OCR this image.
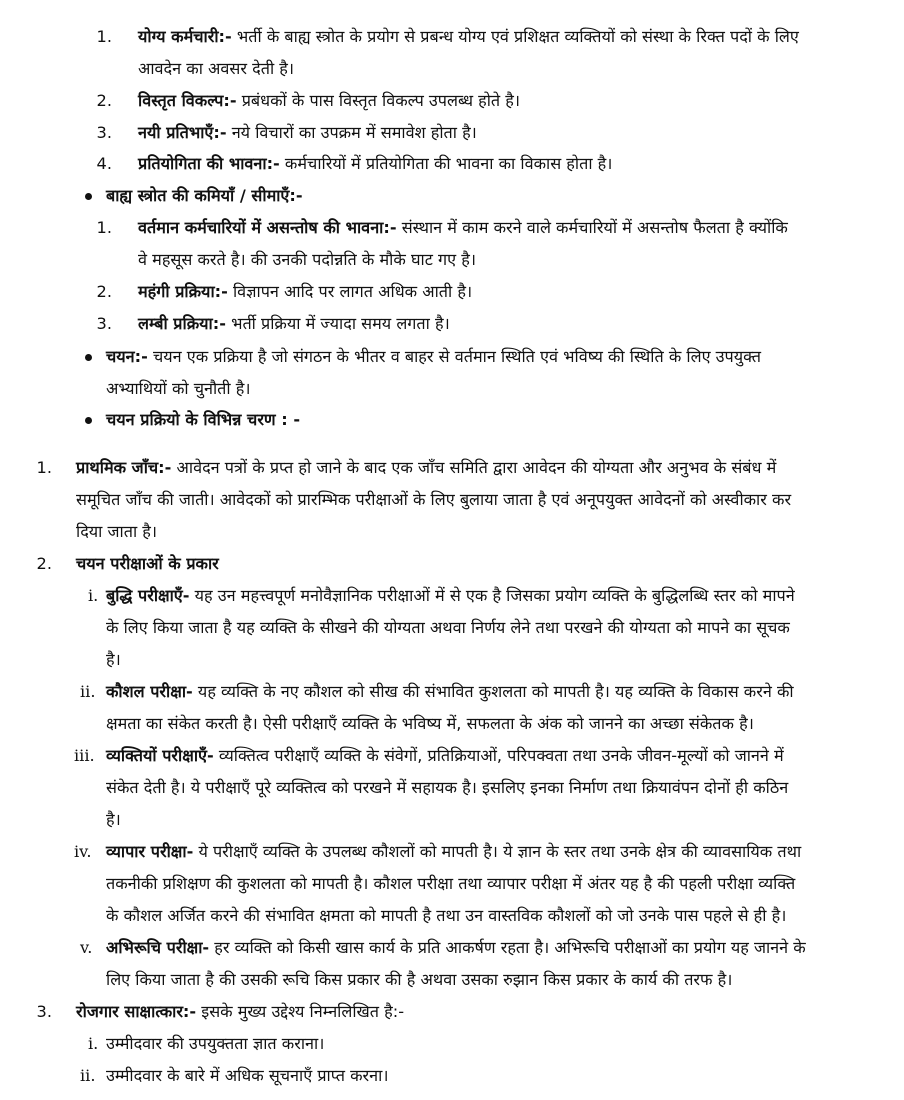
1. योग्य कर्मचारी:- भर्ती के बाह्य स्त्रोत के प्रयोग से प्रबन्ध योग्य एवं प्रशिक्षत व्यक्तियों को संस्था के रिक्त पदों के लिए
आवदेन का अवसर देती है।
2. विस्तृत विकल्प:- प्रबंधकों के पास विस्तृत विकल्प उपलब्ध होते है।
3. नयी प्रतिभाएँ:- नये विचारों का उपक्रम में समावेश होता है।
4. प्रतियोगिता की भावना:- कर्मचारियों में प्रतियोगिता की भावना का विकास होता है।
बाह्य स्त्रोत की कमियाँ / सीमाएँ:-
1. वर्तमान कर्मचारियों में असन्तोष की भावना:- संस्थान में काम करने वाले कर्मचारियों में असन्तोष फैलता है क्योंकि
वे महसूस करते है। की उनकी पदोन्नति के मौके घाट गए है।
2. महंगी प्रक्रिया:- विज्ञापन आदि पर लागत अधिक आती है।
3. लम्बी प्रक्रिया:- भर्ती प्रक्रिया में ज्यादा समय लगता है।
चयन:- चयन एक प्रक्रिया है जो संगठन के भीतर व बाहर से वर्तमान स्थिति एवं भविष्य की स्थिति के लिए उपयुक्त
अभ्याथियों को चुनौती है।
चयन प्रक्रियो के विभिन्न चरण : -
1. प्राथमिक जाँच:- आवेदन पत्रों के प्रप्त हो जाने के बाद एक जाँच समिति द्वारा आवेदन की योग्यता और अनुभव के संबंध में
समूचित जाँच की जाती। आवेदकों को प्रारम्भिक परीक्षाओं के लिए बुलाया जाता है एवं अनूपयुक्त आवेदनों को अस्वीकार कर
दिया जाता है।
2. चयन परीक्षाओं के प्रकार
i. बुद्धि परीक्षाएँ- यह उन महत्त्वपूर्ण मनोवैज्ञानिक परीक्षाओं में से एक है जिसका प्रयोग व्यक्ति के बुद्धिलब्धि स्तर को मापने
के लिए किया जाता है यह व्यक्ति के सीखने की योग्यता अथवा निर्णय लेने तथा परखने की योग्यता को मापने का सूचक
है।
ii. कौशल परीक्षा- यह व्यक्ति के नए कौशल को सीख की संभावित कुशलता को मापती है। यह व्यक्ति के विकास करने की
क्षमता का संकेत करती है। ऐसी परीक्षाएँ व्यक्ति के भविष्य में, सफलता के अंक को जानने का अच्छा संकेतक है।
iii. व्यक्तियों परीक्षाएँ- व्यक्तित्व परीक्षाएँ व्यक्ति के संवेगों, प्रतिक्रियाओं, परिपक्वता तथा उनके जीवन-मूल्यों को जानने में
संकेत देती है। ये परीक्षाएँ पूरे व्यक्तित्व को परखने में सहायक है। इसलिए इनका निर्माण तथा क्रियावंपन दोनों ही कठिन
है।
iv. व्यापार परीक्षा- ये परीक्षाएँ व्यक्ति के उपलब्ध कौशलों को मापती है। ये ज्ञान के स्तर तथा उनके क्षेत्र की व्यावसायिक तथा
तकनीकी प्रशिक्षण की कुशलता को मापती है। कौशल परीक्षा तथा व्यापार परीक्षा में अंतर यह है की पहली परीक्षा व्यक्ति
के कौशल अर्जित करने की संभावित क्षमता को मापती है तथा उन वास्तविक कौशलों को जो उनके पास पहले से ही है।
v. अभिरूचि परीक्षा- हर व्यक्ति को किसी खास कार्य के प्रति आकर्षण रहता है। अभिरूचि परीक्षाओं का प्रयोग यह जानने के
लिए किया जाता है की उसकी रूचि किस प्रकार की है अथवा उसका रुझान किस प्रकार के कार्य की तरफ है।
3. रोजगार साक्षात्कार:- इसके मुख्य उद्देश्य निम्नलिखित है:-
i. उम्मीदवार की उपयुक्तता ज्ञात कराना।
ii. उम्मीदवार के बारे में अधिक सूचनाएँ प्राप्त करना।
